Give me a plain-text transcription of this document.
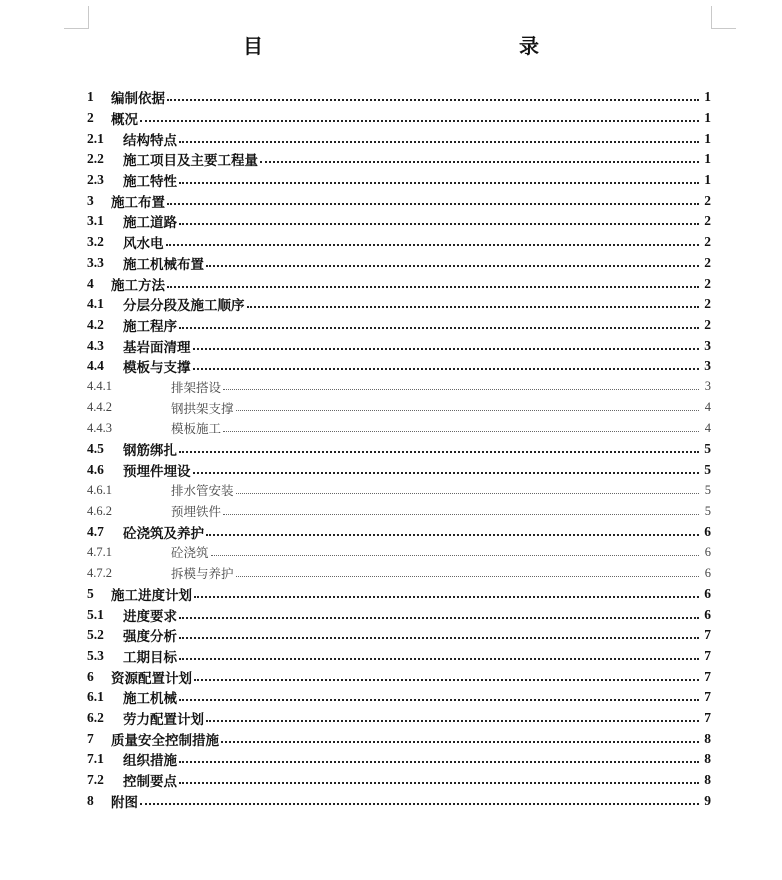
目　　录
1	编制依据	1
2	概况	1
2.1	结构特点	1
2.2	施工项目及主要工程量	1
2.3	施工特性	1
3	施工布置	2
3.1	施工道路	2
3.2	风水电	2
3.3	施工机械布置	2
4	施工方法	2
4.1	分层分段及施工顺序	2
4.2	施工程序	2
4.3	基岩面清理	3
4.4	模板与支撑	3
4.4.1	排架搭设	3
4.4.2	钢拱架支撑	4
4.4.3	模板施工	4
4.5	钢筋绑扎	5
4.6	预埋件埋设	5
4.6.1	排水管安装	5
4.6.2	预埋铁件	5
4.7	砼浇筑及养护	6
4.7.1	砼浇筑	6
4.7.2	拆模与养护	6
5	施工进度计划	6
5.1	进度要求	6
5.2	强度分析	7
5.3	工期目标	7
6	资源配置计划	7
6.1	施工机械	7
6.2	劳力配置计划	7
7	质量安全控制措施	8
7.1	组织措施	8
7.2	控制要点	8
8	附图	9
